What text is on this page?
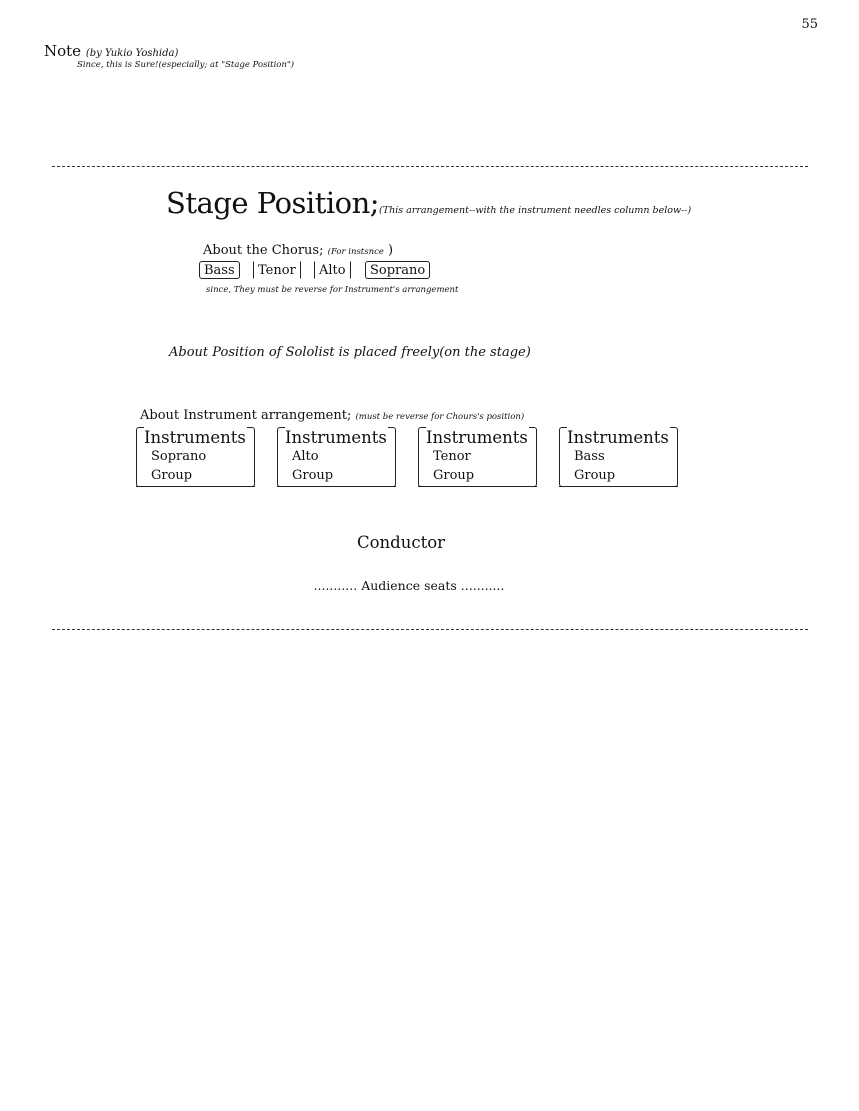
55
Note (by Yukio Yoshida)
Since, this is Sure!(especially; at "Stage Position")
Stage Position;(This arrangement--with the instrument needles column below--)
About the Chorus; (For instsnce )
Bass	Tenor	Alto	Soprano
since, They must be reverse for Instrument's arrangement
About Position of Sololist is placed freely(on the stage)
About Instrument arrangement; (must be reverse for Chours's position)
Instruments
Soprano
Group
Instruments
Alto
Group
Instruments
Tenor
Group
Instruments
Bass
Group
Conductor
........... Audience seats ...........
